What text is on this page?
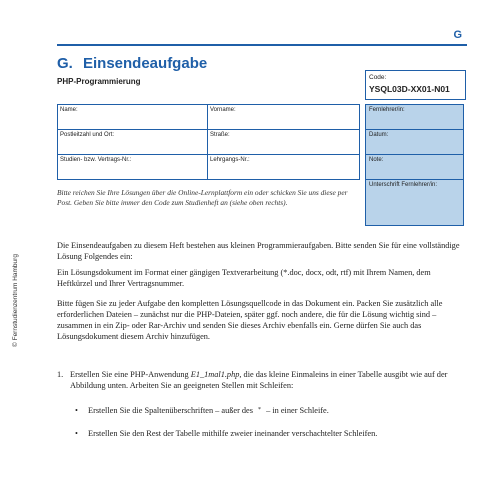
G
G. Einsendeaufgabe
PHP-Programmierung	Code:
YSQL03D-XX01-N01
Name:	Vorname:
Postleitzahl und Ort:	Straße:
Studien- bzw. Vertrags-Nr.:	Lehrgangs-Nr.:
Fernlehrer/in:
Datum:
Note:
Unterschrift Fernlehrer/in:
Bitte reichen Sie Ihre Lösungen über die Online-Lernplattform ein oder schicken Sie uns diese per Post. Geben Sie bitte immer den Code zum Studienheft an (siehe oben rechts).
Die Einsendeaufgaben zu diesem Heft bestehen aus kleinen Programmieraufgaben. Bitte senden Sie für eine vollständige Lösung Folgendes ein:
Ein Lösungsdokument im Format einer gängigen Textverarbeitung (*.doc, docx, odt, rtf) mit Ihrem Namen, dem Heftkürzel und Ihrer Vertragsnummer.
Bitte fügen Sie zu jeder Aufgabe den kompletten Lösungsquellcode in das Dokument ein. Packen Sie zusätzlich alle erforderlichen Dateien – zunächst nur die PHP-Dateien, später ggf. noch andere, die für die Lösung wichtig sind – zusammen in ein Zip- oder Rar-Archiv und senden Sie dieses Archiv ebenfalls ein. Gerne dürfen Sie auch das Lösungsdokument diesem Archiv hinzufügen.
1. Erstellen Sie eine PHP-Anwendung E1_1mal1.php, die das kleine Einmaleins in einer Tabelle ausgibt wie auf der Abbildung unten. Arbeiten Sie an geeigneten Stellen mit Schleifen:
• Erstellen Sie die Spaltenüberschriften – außer des * – in einer Schleife.
• Erstellen Sie den Rest der Tabelle mithilfe zweier ineinander verschachtelter Schleifen.
© Fernstudienzentrum Hamburg
